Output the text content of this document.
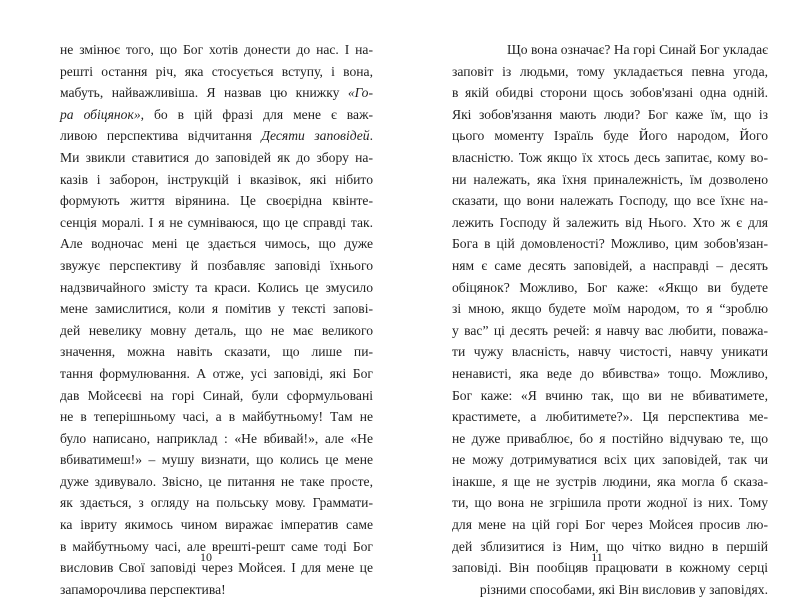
не змінює того, що Бог хотів донести до нас. І на-
решті остання річ, яка стосується вступу, і вона,
мабуть, найважливіша. Я назвав цю книжку «Го-
ра обіцянок», бо в цій фразі для мене є важ-
ливою перспектива відчитання Десяти заповідей.
Ми звикли ставитися до заповідей як до збору на-
казів і заборон, інструкцій і вказівок, які нібито
формують життя вірянина. Це своєрідна квінте-
сенція моралі. І я не сумніваюся, що це справді так.
Але водночас мені це здається чимось, що дуже
звужує перспективу й позбавляє заповіді їхнього
надзвичайного змісту та краси. Колись це змусило
мене замислитися, коли я помітив у тексті запові-
дей невелику мовну деталь, що не має великого
значення, можна навіть сказати, що лише пи-
тання формулювання. А отже, усі заповіді, які Бог
дав Мойсеєві на горі Синай, були сформульовані
не в теперішньому часі, а в майбутньому! Там не
було написано, наприклад : «Не вбивай!», але «Не
вбиватимеш!» – мушу визнати, що колись це мене
дуже здивувало. Звісно, це питання не таке просте,
як здається, з огляду на польську мову. Граммати-
ка івриту якимось чином виражає імператив саме
в майбутньому часі, але врешті-решт саме тоді Бог
висловив Свої заповіді через Мойсея. І для мене це
запаморочлива перспектива!
10
Що вона означає? На горі Синай Бог укладає
заповіт із людьми, тому укладається певна угода,
в якій обидві сторони щось зобов'язані одна одній.
Які зобов'язання мають люди? Бог каже їм, що із
цього моменту Ізраїль буде Його народом, Його
власністю. Тож якщо їх хтось десь запитає, кому во-
ни належать, яка їхня приналежність, їм дозволено
сказати, що вони належать Господу, що все їхнє на-
лежить Господу й залежить від Нього. Хто ж є для
Бога в цій домовленості? Можливо, цим зобов'язан-
ням є саме десять заповідей, а насправді – десять
обіцянок? Можливо, Бог каже: «Якщо ви будете
зі мною, якщо будете моїм народом, то я “зроблю
у вас” ці десять речей: я навчу вас любити, поважа-
ти чужу власність, навчу чистості, навчу уникати
ненависті, яка веде до вбивства» тощо. Можливо,
Бог каже: «Я вчиню так, що ви не вбиватимете,
крастимете, а любитимете?». Ця перспектива ме-
не дуже приваблює, бо я постійно відчуваю те, що
не можу дотримуватися всіх цих заповідей, так чи
інакше, я ще не зустрів людини, яка могла б сказа-
ти, що вона не згрішила проти жодної із них. Тому
для мене на цій горі Бог через Мойсея просив лю-
дей зблизитися із Ним, що чітко видно в першій
заповіді. Він пообіцяв працювати в кожному серці
різними способами, які Він висловив у заповідях.
11
